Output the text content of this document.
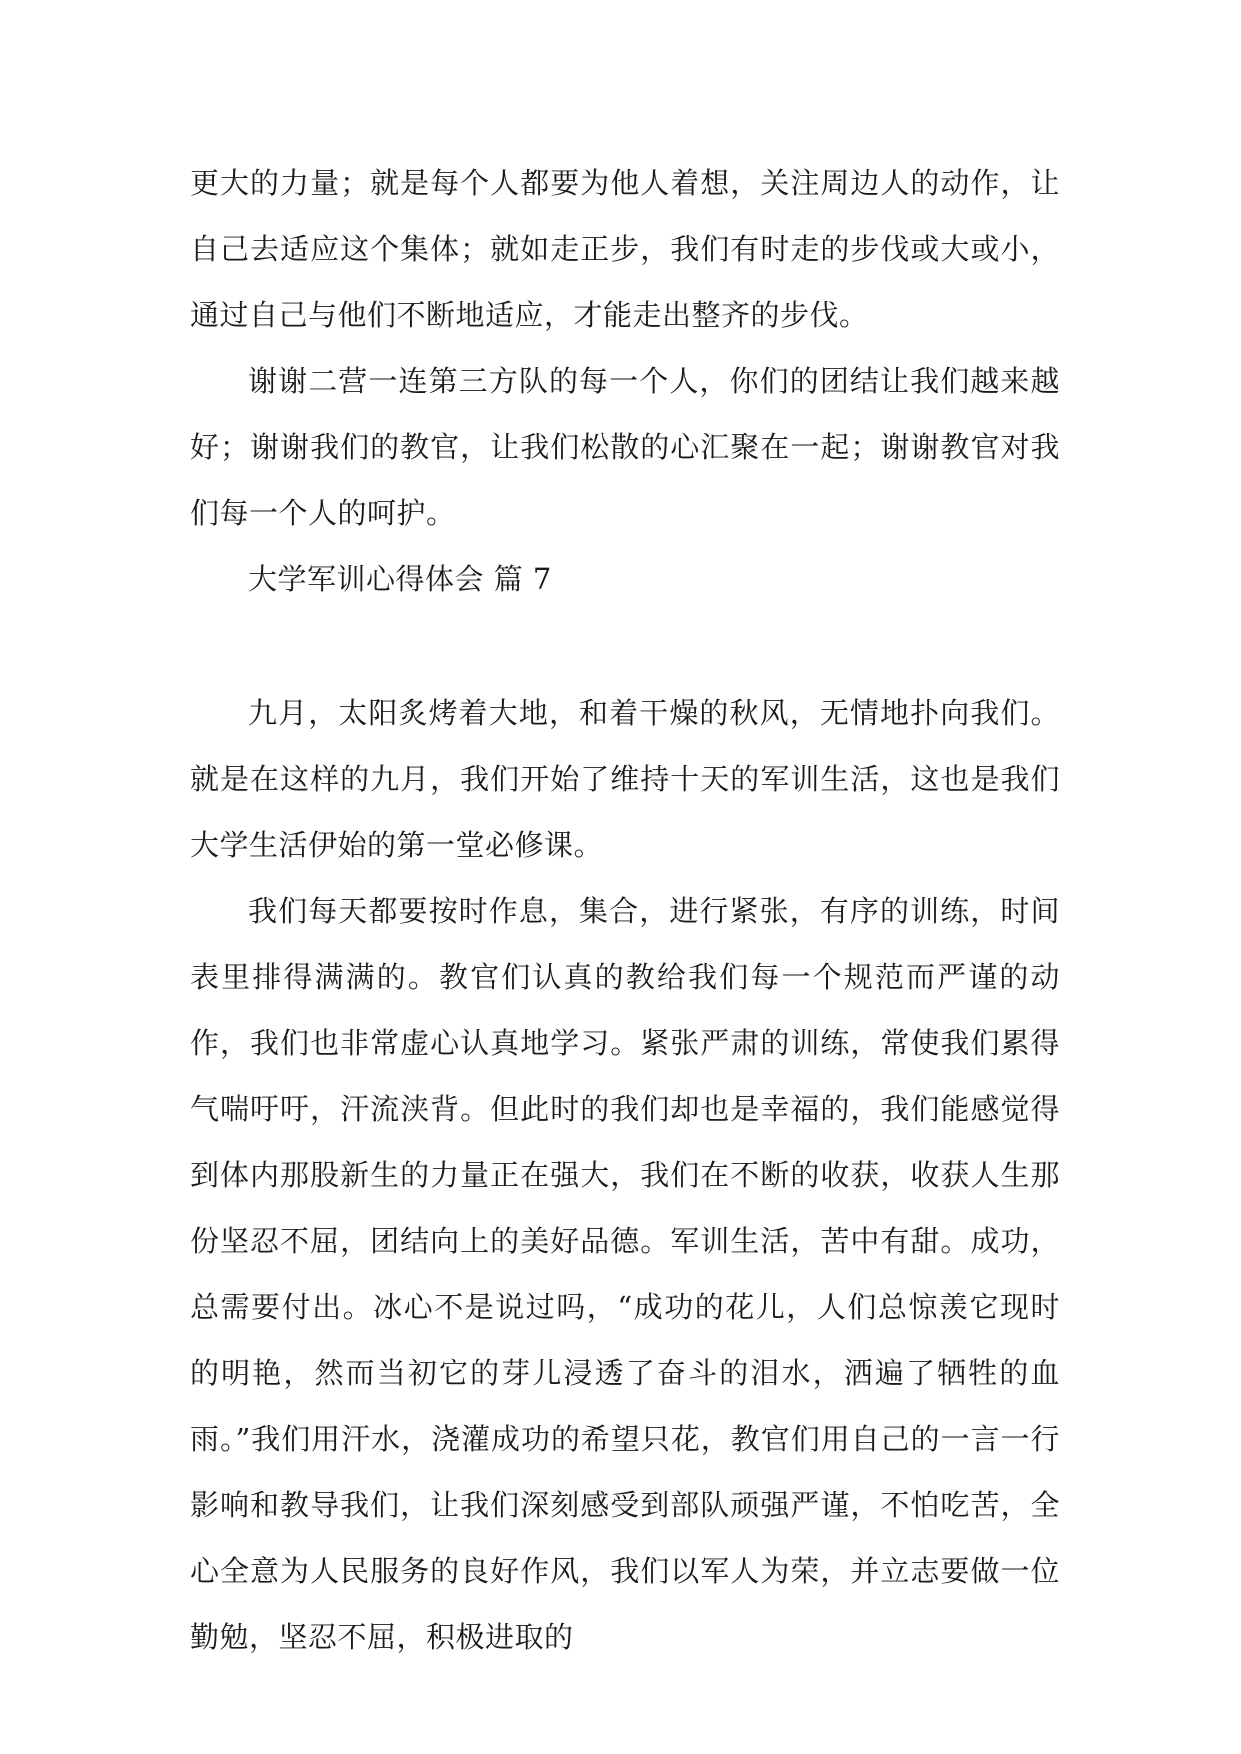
更大的力量；就是每个人都要为他人着想，关注周边人的动作，让自己去适应这个集体；就如走正步，我们有时走的步伐或大或小，通过自己与他们不断地适应，才能走出整齐的步伐。

谢谢二营一连第三方队的每一个人，你们的团结让我们越来越好；谢谢我们的教官，让我们松散的心汇聚在一起；谢谢教官对我们每一个人的呵护。

大学军训心得体会 篇 7

九月，太阳炙烤着大地，和着干燥的秋风，无情地扑向我们。就是在这样的九月，我们开始了维持十天的军训生活，这也是我们大学生活伊始的第一堂必修课。

我们每天都要按时作息，集合，进行紧张，有序的训练，时间表里排得满满的。教官们认真的教给我们每一个规范而严谨的动作，我们也非常虚心认真地学习。紧张严肃的训练，常使我们累得气喘吁吁，汗流浃背。但此时的我们却也是幸福的，我们能感觉得到体内那股新生的力量正在强大，我们在不断的收获，收获人生那份坚忍不屈，团结向上的美好品德。军训生活，苦中有甜。成功，总需要付出。冰心不是说过吗，“成功的花儿，人们总惊羡它现时的明艳，然而当初它的芽儿浸透了奋斗的泪水，洒遍了牺牲的血雨。”我们用汗水，浇灌成功的希望只花，教官们用自己的一言一行影响和教导我们，让我们深刻感受到部队顽强严谨，不怕吃苦，全心全意为人民服务的良好作风，我们以军人为荣，并立志要做一位勤勉，坚忍不屈，积极进取的
